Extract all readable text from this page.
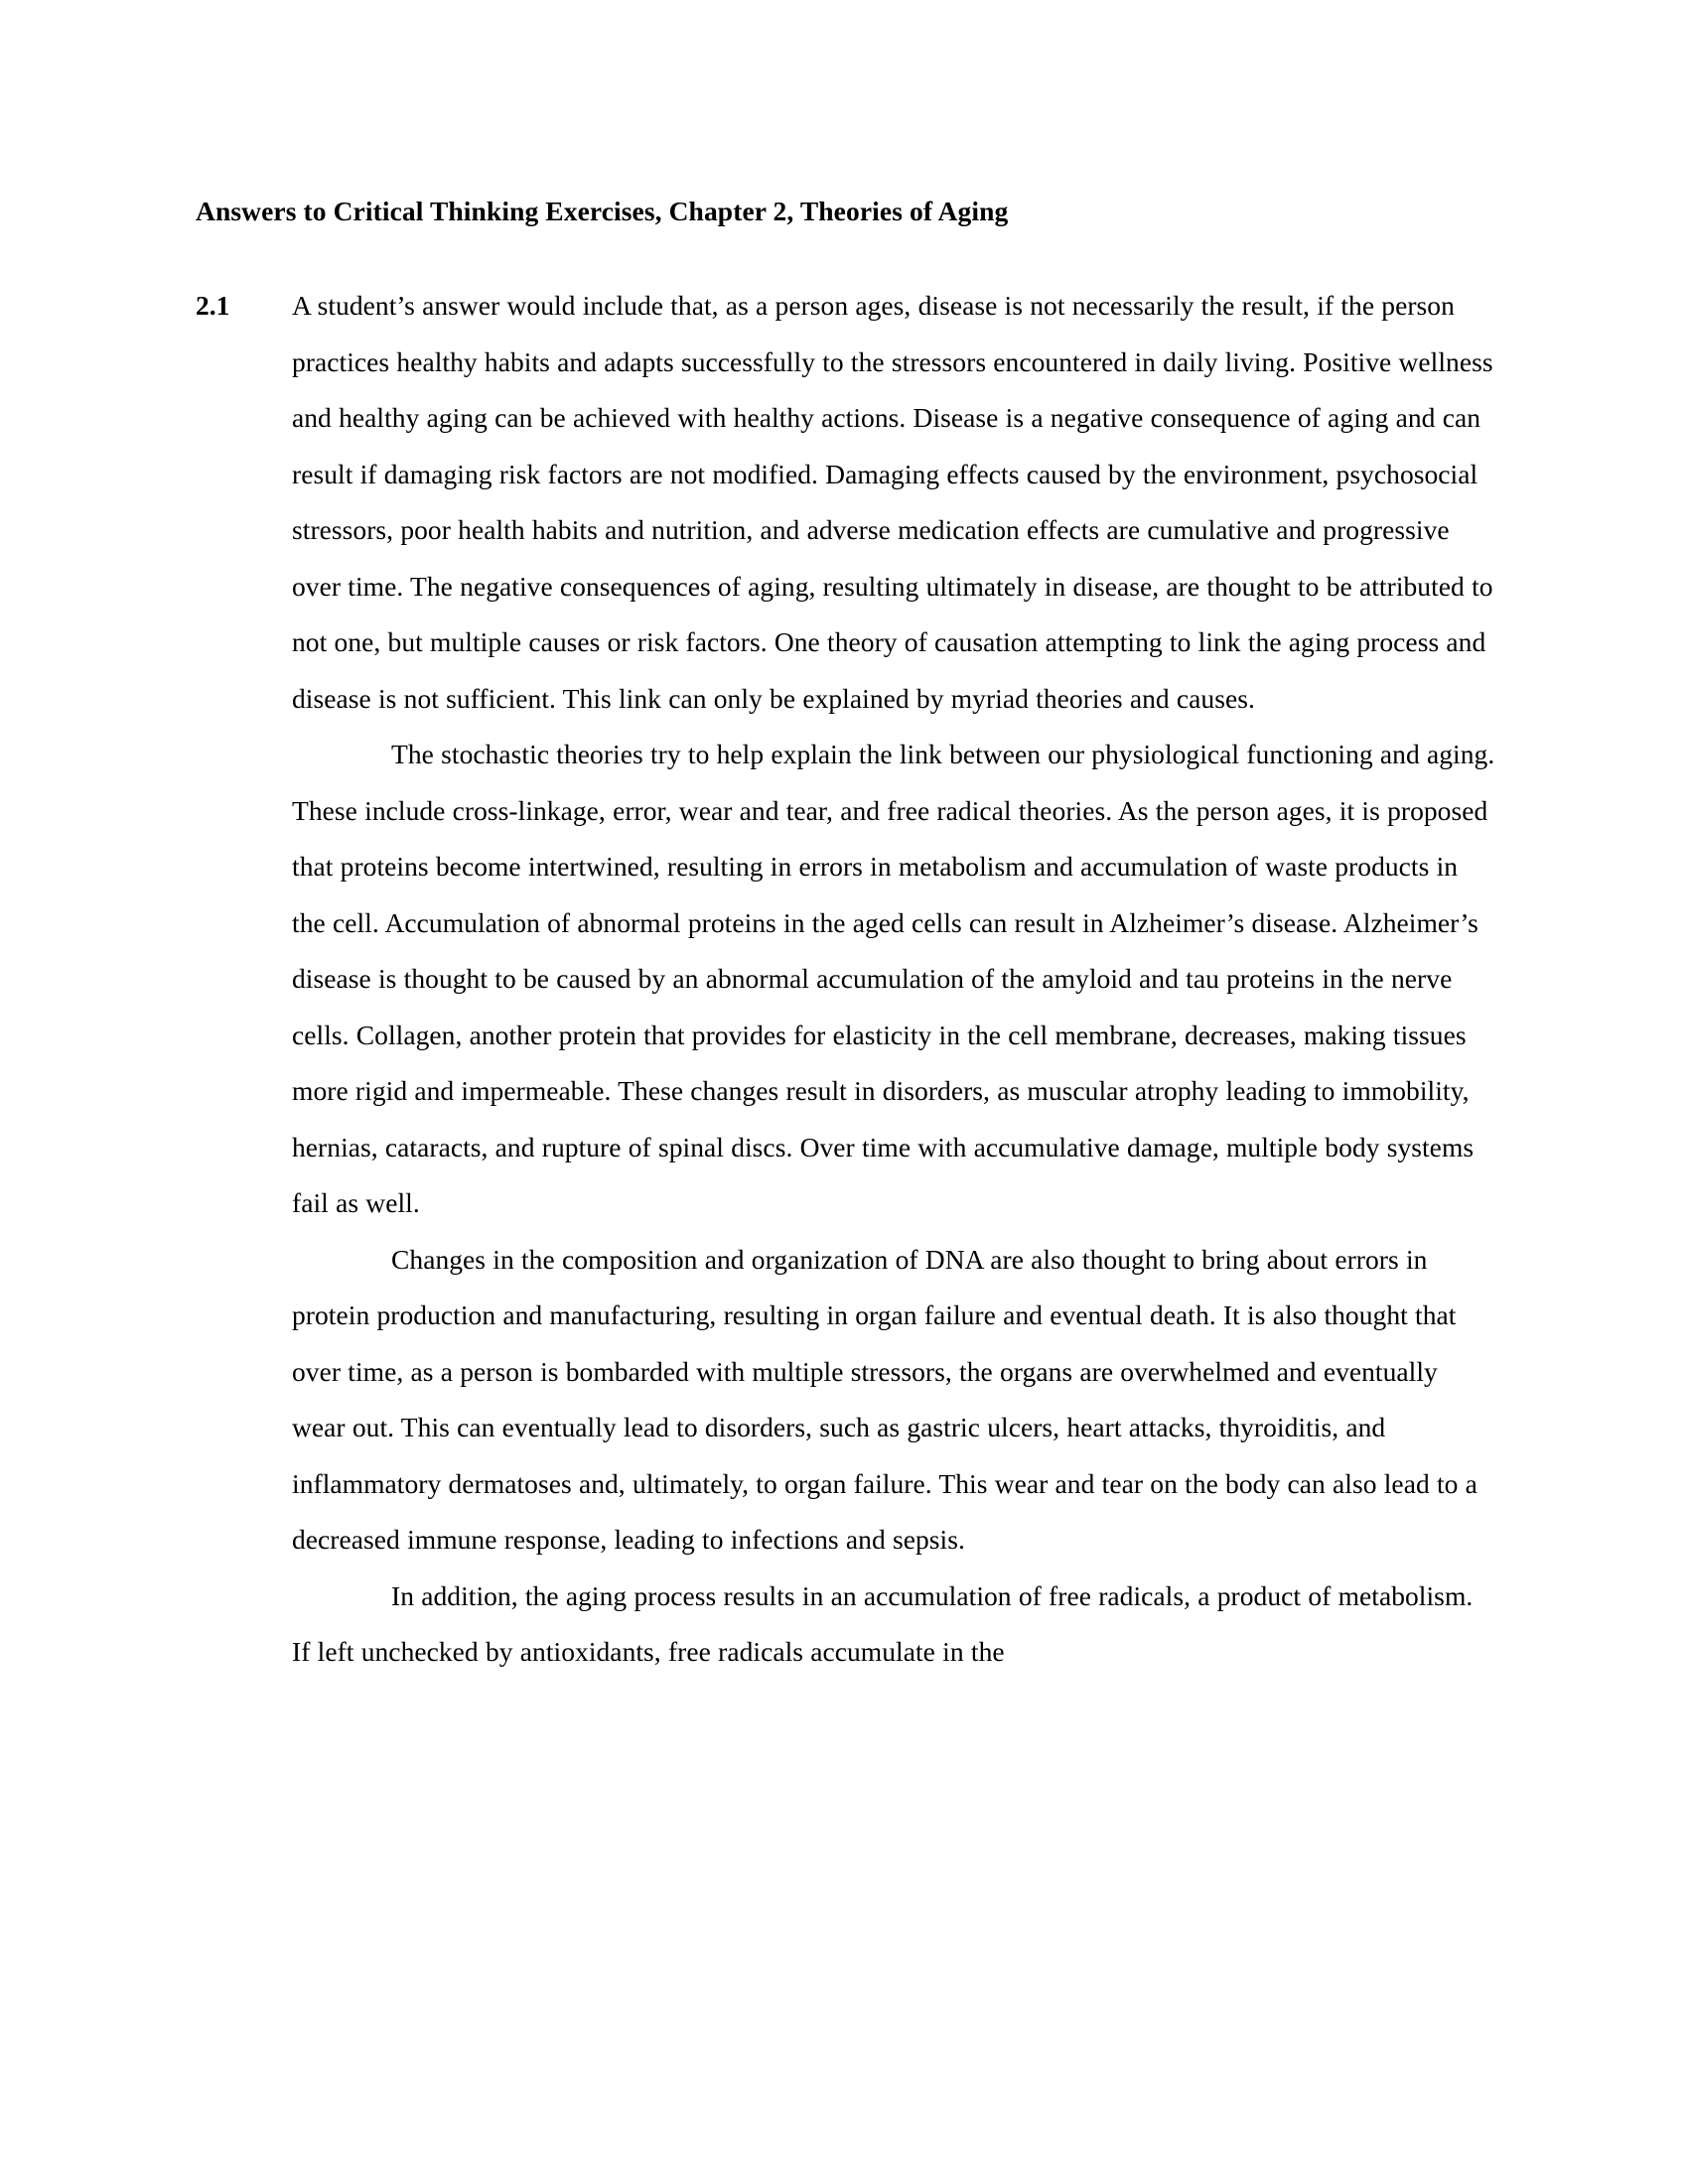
Answers to Critical Thinking Exercises, Chapter 2, Theories of Aging
2.1	A student’s answer would include that, as a person ages, disease is not necessarily the result, if the person practices healthy habits and adapts successfully to the stressors encountered in daily living. Positive wellness and healthy aging can be achieved with healthy actions. Disease is a negative consequence of aging and can result if damaging risk factors are not modified. Damaging effects caused by the environment, psychosocial stressors, poor health habits and nutrition, and adverse medication effects are cumulative and progressive over time. The negative consequences of aging, resulting ultimately in disease, are thought to be attributed to not one, but multiple causes or risk factors. One theory of causation attempting to link the aging process and disease is not sufficient. This link can only be explained by myriad theories and causes.

The stochastic theories try to help explain the link between our physiological functioning and aging. These include cross-linkage, error, wear and tear, and free radical theories. As the person ages, it is proposed that proteins become intertwined, resulting in errors in metabolism and accumulation of waste products in the cell. Accumulation of abnormal proteins in the aged cells can result in Alzheimer’s disease. Alzheimer’s disease is thought to be caused by an abnormal accumulation of the amyloid and tau proteins in the nerve cells. Collagen, another protein that provides for elasticity in the cell membrane, decreases, making tissues more rigid and impermeable. These changes result in disorders, as muscular atrophy leading to immobility, hernias, cataracts, and rupture of spinal discs. Over time with accumulative damage, multiple body systems fail as well.

Changes in the composition and organization of DNA are also thought to bring about errors in protein production and manufacturing, resulting in organ failure and eventual death. It is also thought that over time, as a person is bombarded with multiple stressors, the organs are overwhelmed and eventually wear out. This can eventually lead to disorders, such as gastric ulcers, heart attacks, thyroiditis, and inflammatory dermatoses and, ultimately, to organ failure. This wear and tear on the body can also lead to a decreased immune response, leading to infections and sepsis.

In addition, the aging process results in an accumulation of free radicals, a product of metabolism. If left unchecked by antioxidants, free radicals accumulate in the
